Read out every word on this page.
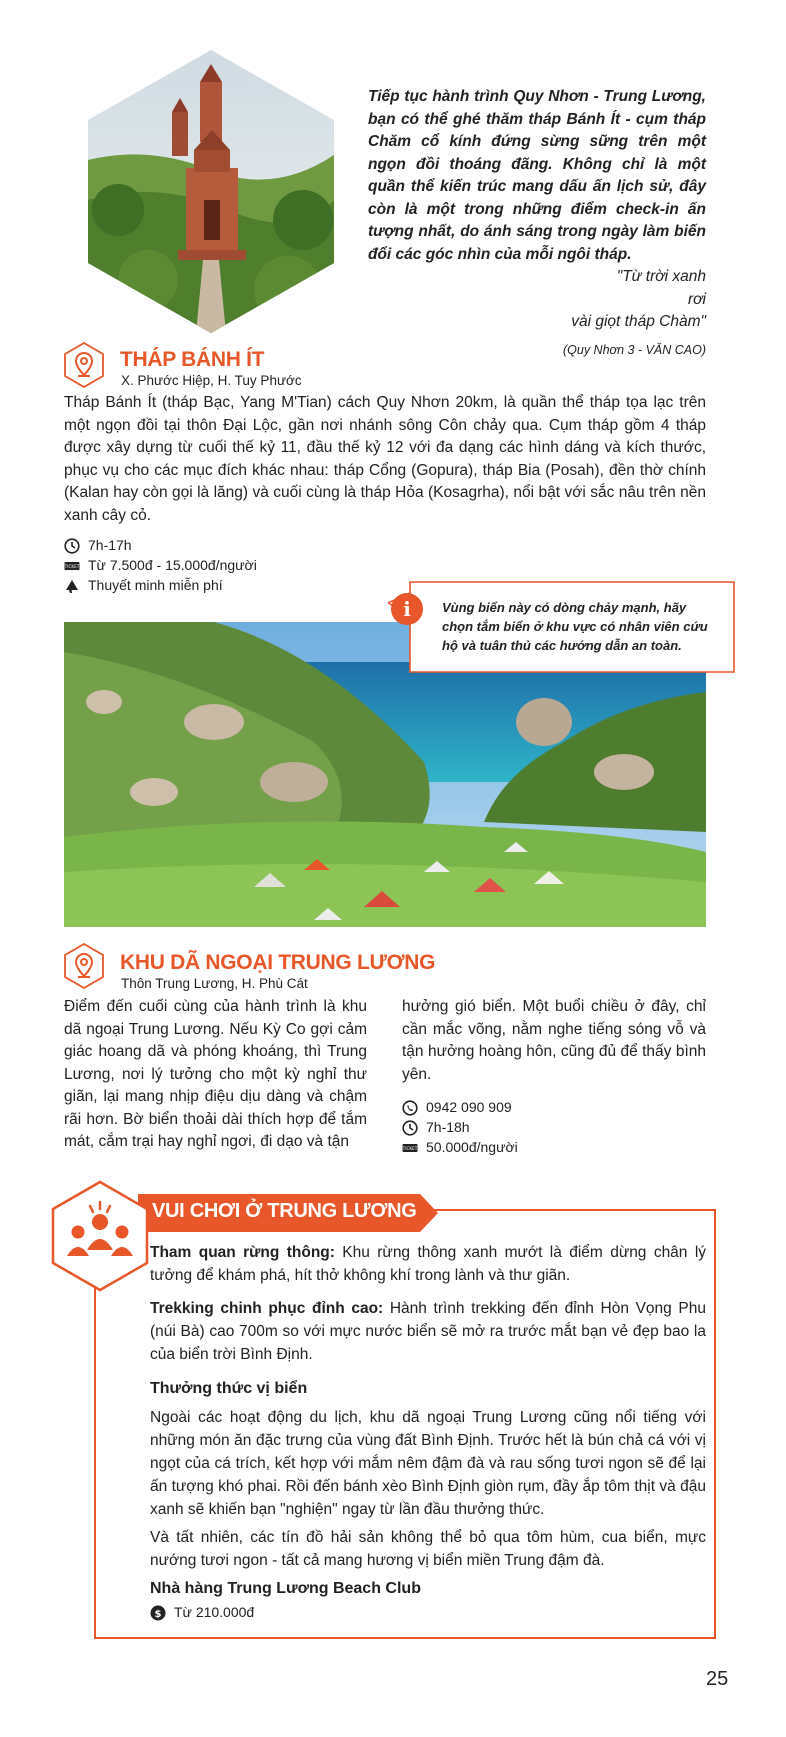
Tiếp tục hành trình Quy Nhơn - Trung Lương, bạn có thể ghé thăm tháp Bánh Ít - cụm tháp Chăm cổ kính đứng sừng sững trên một ngọn đồi thoáng đãng. Không chỉ là một quần thể kiến trúc mang dấu ấn lịch sử, đây còn là một trong những điểm check-in ấn tượng nhất, do ánh sáng trong ngày làm biến đổi các góc nhìn của mỗi ngôi tháp.

"Từ trời xanh
rơi
vài giọt tháp Chàm"
(Quy Nhơn 3 - VĂN CAO)
THÁP BÁNH ÍT
X. Phước Hiệp, H. Tuy Phước

Tháp Bánh Ít (tháp Bạc, Yang M'Tian) cách Quy Nhơn 20km, là quần thể tháp tọa lạc trên một ngọn đồi tại thôn Đại Lộc, gần nơi nhánh sông Côn chảy qua. Cụm tháp gồm 4 tháp được xây dựng từ cuối thế kỷ 11, đầu thế kỷ 12 với đa dạng các hình dáng và kích thước, phục vụ cho các mục đích khác nhau: tháp Cổng (Gopura), tháp Bia (Posah), đền thờ chính (Kalan hay còn gọi là lăng) và cuối cùng là tháp Hỏa (Kosagrha), nổi bật với sắc nâu trên nền xanh cây cỏ.

7h-17h
TICKET Từ 7.500đ - 15.000đ/người
Thuyết minh miễn phí
i Vùng biển này có dòng chảy mạnh, hãy chọn tắm biển ở khu vực có nhân viên cứu hộ và tuân thủ các hướng dẫn an toàn.

KHU DÃ NGOẠI TRUNG LƯƠNG
Thôn Trung Lương, H. Phù Cát

Điểm đến cuối cùng của hành trình là khu dã ngoại Trung Lương. Nếu Kỳ Co gợi cảm giác hoang dã và phóng khoáng, thì Trung Lương, nơi lý tưởng cho một kỳ nghỉ thư giãn, lại mang nhịp điệu dịu dàng và chậm rãi hơn. Bờ biển thoải dài thích hợp để tắm mát, cắm trại hay nghỉ ngơi, đi dạo và tận

hưởng gió biển. Một buổi chiều ở đây, chỉ cần mắc võng, nằm nghe tiếng sóng vỗ và tận hưởng hoàng hôn, cũng đủ để thấy bình yên.

0942 090 909
7h-18h
TICKET 50.000đ/người
VUI CHƠI Ở TRUNG LƯƠNG

Tham quan rừng thông: Khu rừng thông xanh mướt là điểm dừng chân lý tưởng để khám phá, hít thở không khí trong lành và thư giãn.

Trekking chinh phục đỉnh cao: Hành trình trekking đến đỉnh Hòn Vọng Phu (núi Bà) cao 700m so với mực nước biển sẽ mở ra trước mắt bạn vẻ đẹp bao la của biển trời Bình Định.

Thưởng thức vị biển

Ngoài các hoạt động du lịch, khu dã ngoại Trung Lương cũng nổi tiếng với những món ăn đặc trưng của vùng đất Bình Định. Trước hết là bún chả cá với vị ngọt của cá trích, kết hợp với mắm nêm đậm đà và rau sống tươi ngon sẽ để lại ấn tượng khó phai. Rồi đến bánh xèo Bình Định giòn rụm, đầy ắp tôm thịt và đậu xanh sẽ khiến bạn "nghiện" ngay từ lần đầu thưởng thức.

Và tất nhiên, các tín đồ hải sản không thể bỏ qua tôm hùm, cua biển, mực nướng tươi ngon - tất cả mang hương vị biển miền Trung đậm đà.

Nhà hàng Trung Lương Beach Club
$ Từ 210.000đ
25
